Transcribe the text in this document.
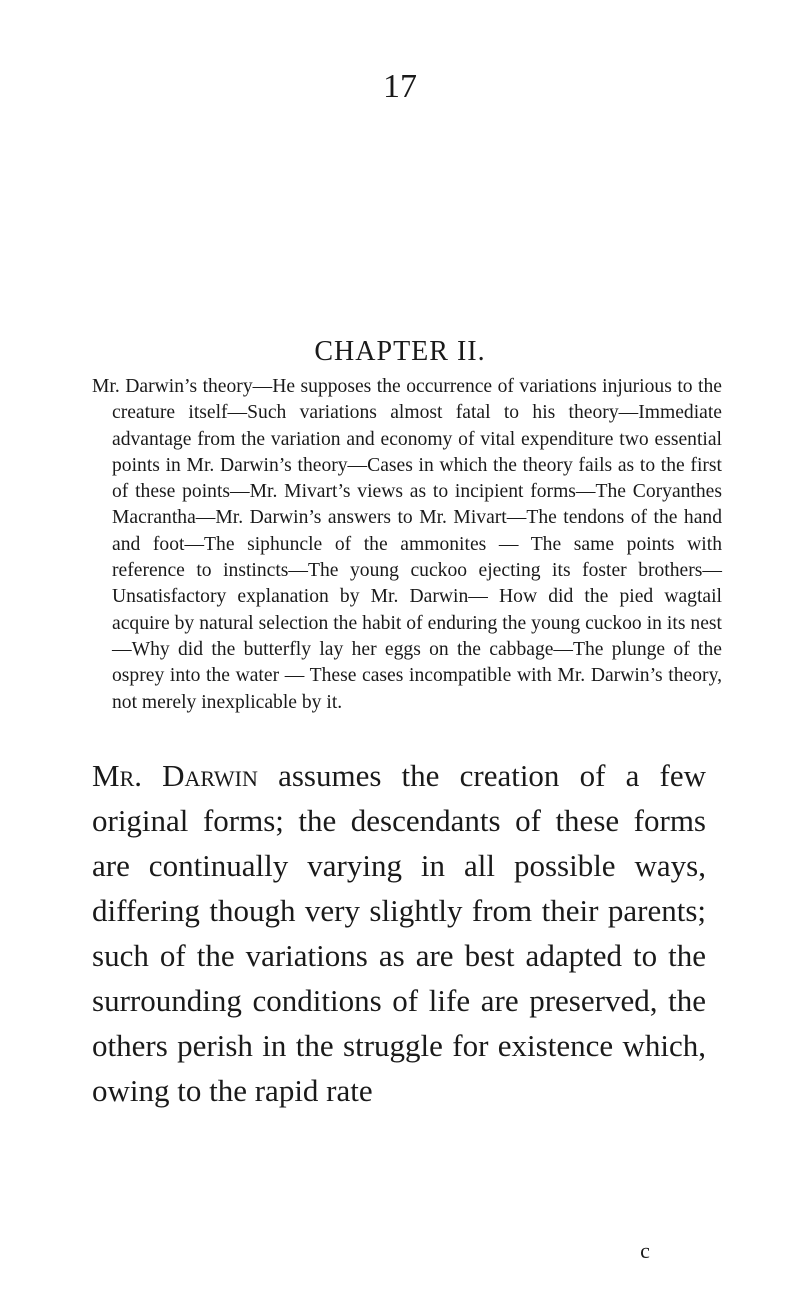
17
CHAPTER II.

Mr. Darwin’s theory—He supposes the occurrence of variations injurious to the creature itself—Such variations almost fatal to his theory—Immediate advantage from the variation and economy of vital expenditure two essential points in Mr. Darwin’s theory—Cases in which the theory fails as to the first of these points—Mr. Mivart’s views as to incipient forms—The Coryanthes Macrantha—Mr. Darwin’s answers to Mr. Mivart—The tendons of the hand and foot—The siphuncle of the ammonites — The same points with reference to instincts—The young cuckoo ejecting its foster brothers—Unsatisfactory explanation by Mr. Darwin— How did the pied wagtail acquire by natural selection the habit of enduring the young cuckoo in its nest—Why did the butterfly lay her eggs on the cabbage—The plunge of the osprey into the water — These cases incompatible with Mr. Darwin’s theory, not merely inexplicable by it.

Mr. Darwin assumes the creation of a few original forms; the descendants of these forms are continually varying in all possible ways, differing though very slightly from their parents; such of the variations as are best adapted to the surrounding conditions of life are preserved, the others perish in the struggle for existence which, owing to the rapid rate

c
